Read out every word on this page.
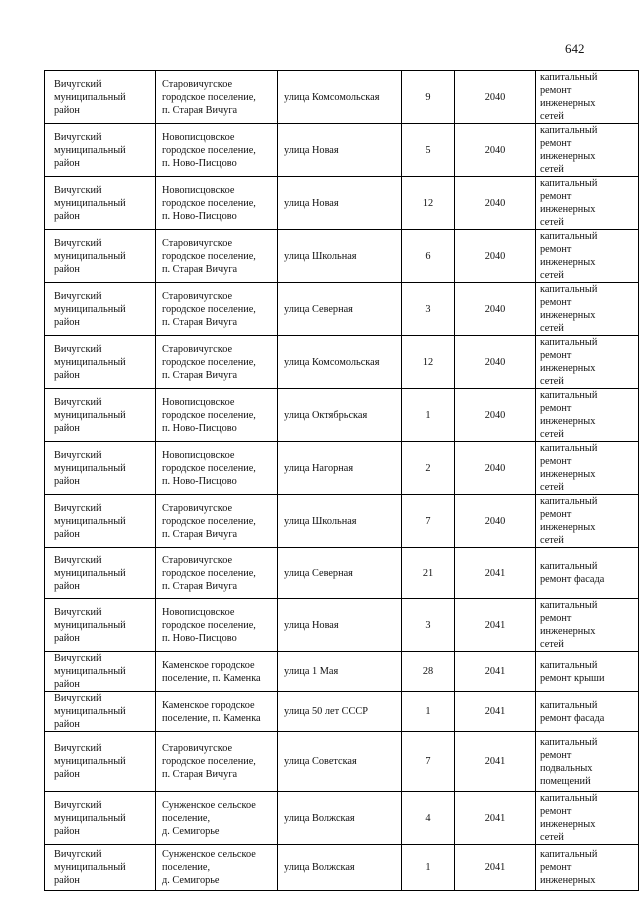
642
Вичугский
муниципальный
район	Старовичугское
городское поселение,
п. Старая Вичуга	улица Комсомольская	9	2040	капитальный
ремонт
инженерных
сетей

Вичугский
муниципальный
район	Новописцовское
городское поселение,
п. Ново-Писцово	улица Новая	5	2040	капитальный
ремонт
инженерных
сетей

Вичугский
муниципальный
район	Новописцовское
городское поселение,
п. Ново-Писцово	улица Новая	12	2040	капитальный
ремонт
инженерных
сетей

Вичугский
муниципальный
район	Старовичугское
городское поселение,
п. Старая Вичуга	улица Школьная	6	2040	капитальный
ремонт
инженерных
сетей

Вичугский
муниципальный
район	Старовичугское
городское поселение,
п. Старая Вичуга	улица Северная	3	2040	капитальный
ремонт
инженерных
сетей

Вичугский
муниципальный
район	Старовичугское
городское поселение,
п. Старая Вичуга	улица Комсомольская	12	2040	капитальный
ремонт
инженерных
сетей

Вичугский
муниципальный
район	Новописцовское
городское поселение,
п. Ново-Писцово	улица Октябрьская	1	2040	капитальный
ремонт
инженерных
сетей

Вичугский
муниципальный
район	Новописцовское
городское поселение,
п. Ново-Писцово	улица Нагорная	2	2040	капитальный
ремонт
инженерных
сетей

Вичугский
муниципальный
район	Старовичугское
городское поселение,
п. Старая Вичуга	улица Школьная	7	2040	капитальный
ремонт
инженерных
сетей

Вичугский
муниципальный
район	Старовичугское
городское поселение,
п. Старая Вичуга	улица Северная	21	2041	капитальный
ремонт фасада

Вичугский
муниципальный
район	Новописцовское
городское поселение,
п. Ново-Писцово	улица Новая	3	2041	капитальный
ремонт
инженерных
сетей

Вичугский
муниципальный
район	Каменское городское
поселение, п. Каменка	улица 1 Мая	28	2041	капитальный
ремонт крыши

Вичугский
муниципальный
район	Каменское городское
поселение, п. Каменка	улица 50 лет СССР	1	2041	капитальный
ремонт фасада

Вичугский
муниципальный
район	Старовичугское
городское поселение,
п. Старая Вичуга	улица Советская	7	2041	капитальный
ремонт
подвальных
помещений

Вичугский
муниципальный
район	Сунженское сельское
поселение,
д. Семигорье	улица Волжская	4	2041	капитальный
ремонт
инженерных
сетей

Вичугский
муниципальный
район	Сунженское сельское
поселение,
д. Семигорье	улица Волжская	1	2041	капитальный
ремонт
инженерных
